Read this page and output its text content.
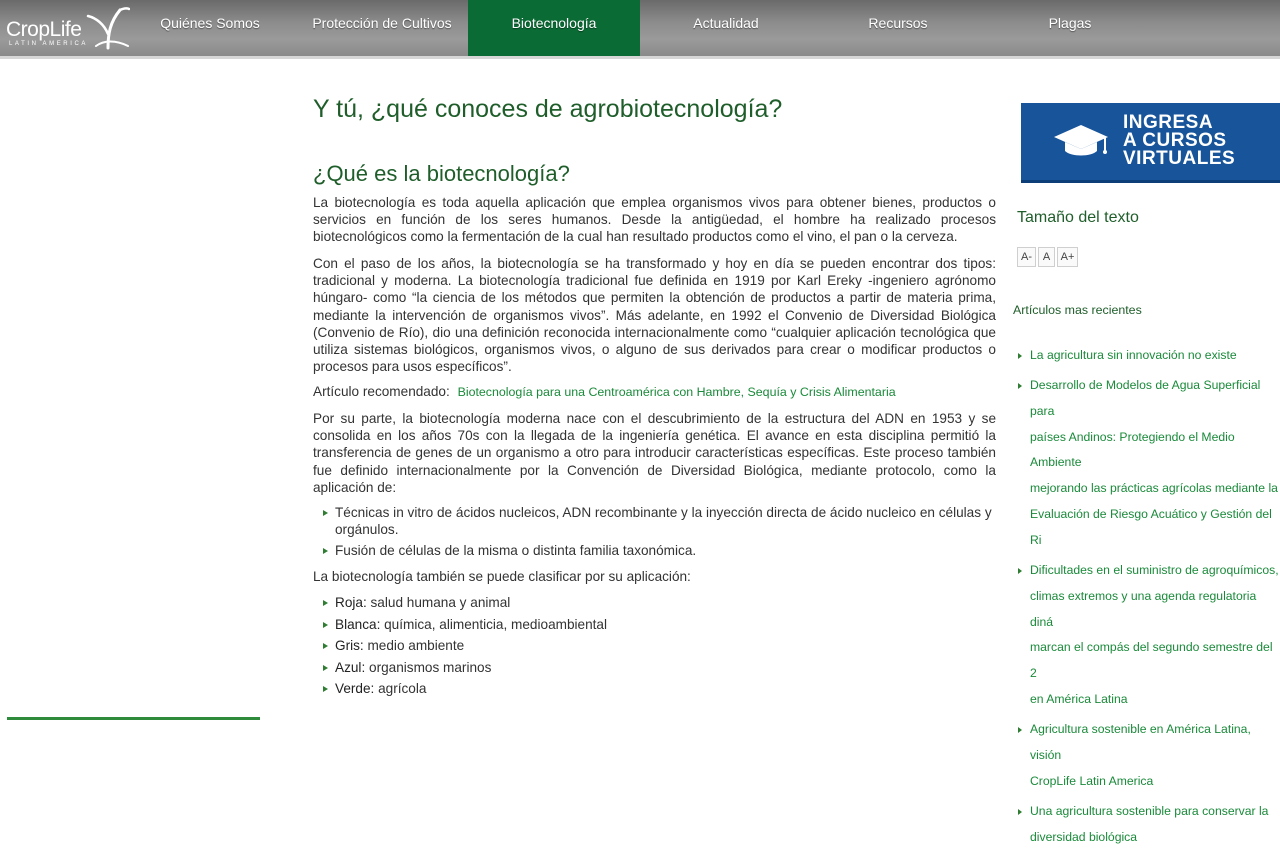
CropLife
LATIN AMERICA
Quiénes Somos	Protección de Cultivos	Biotecnología	Actualidad	Recursos	Plagas
Y tú, ¿qué conoces de agrobiotecnología?
¿Qué es la biotecnología?

La biotecnología es toda aquella aplicación que emplea organismos vivos para obtener bienes, productos o servicios en función de los seres humanos. Desde la antigüedad, el hombre ha realizado procesos biotecnológicos como la fermentación de la cual han resultado productos como el vino, el pan o la cerveza.

Con el paso de los años, la biotecnología se ha transformado y hoy en día se pueden encontrar dos tipos: tradicional y moderna. La biotecnología tradicional fue definida en 1919 por Karl Ereky -ingeniero agrónomo húngaro- como “la ciencia de los métodos que permiten la obtención de productos a partir de materia prima, mediante la intervención de organismos vivos”. Más adelante, en 1992 el Convenio de Diversidad Biológica (Convenio de Río), dio una definición reconocida internacionalmente como “cualquier aplicación tecnológica que utiliza sistemas biológicos, organismos vivos, o alguno de sus derivados para crear o modificar productos o procesos para usos específicos”.

Artículo recomendado: Biotecnología para una Centroamérica con Hambre, Sequía y Crisis Alimentaria

Por su parte, la biotecnología moderna nace con el descubrimiento de la estructura del ADN en 1953 y se consolida en los años 70s con la llegada de la ingeniería genética. El avance en esta disciplina permitió la transferencia de genes de un organismo a otro para introducir características específicas. Este proceso también fue definido internacionalmente por la Convención de Diversidad Biológica, mediante protocolo, como la aplicación de:

Técnicas in vitro de ácidos nucleicos, ADN recombinante y la inyección directa de ácido nucleico en células y orgánulos.
Fusión de células de la misma o distinta familia taxonómica.

La biotecnología también se puede clasificar por su aplicación:

Roja: salud humana y animal
Blanca: química, alimenticia, medioambiental
Gris: medio ambiente
Azul: organismos marinos
Verde: agrícola
INGRESA
A CURSOS
VIRTUALES
Tamaño del texto
A- A A+
Artículos mas recientes
La agricultura sin innovación no existe
Desarrollo de Modelos de Agua Superficial para
países Andinos: Protegiendo el Medio Ambiente
mejorando las prácticas agrícolas mediante la
Evaluación de Riesgo Acuático y Gestión del Ri
Dificultades en el suministro de agroquímicos,
climas extremos y una agenda regulatoria diná
marcan el compás del segundo semestre del 2
en América Latina
Agricultura sostenible en América Latina, visión
CropLife Latin America
Una agricultura sostenible para conservar la
diversidad biológica
